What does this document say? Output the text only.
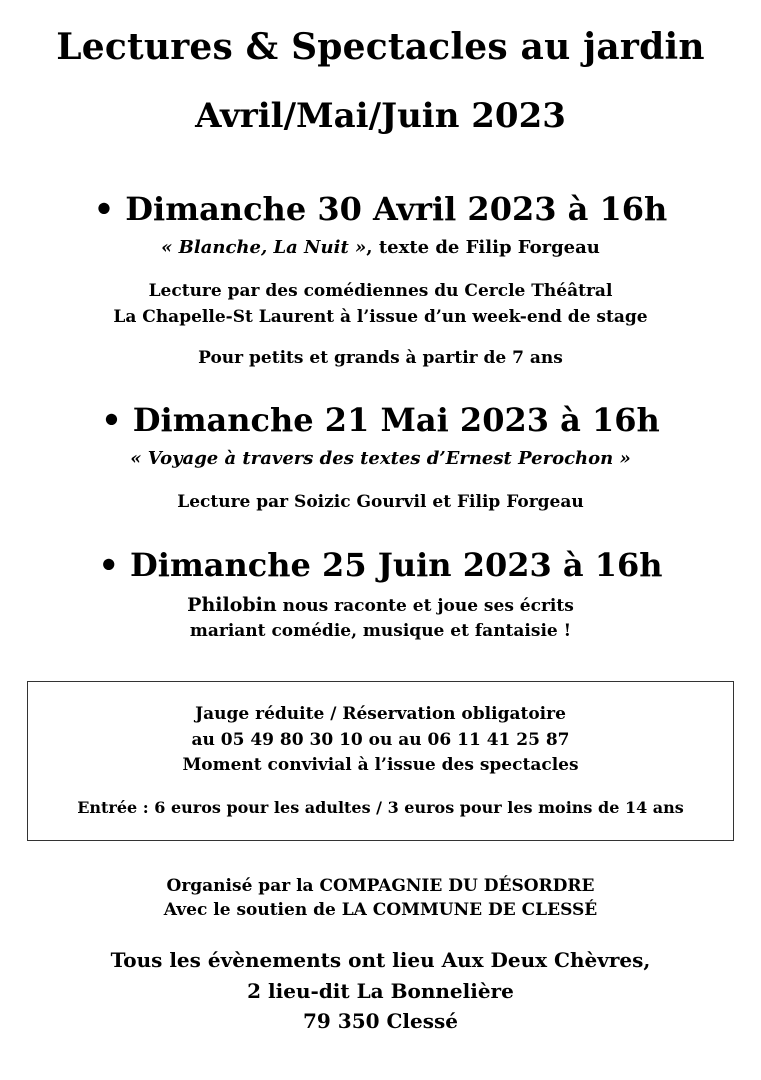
Lectures & Spectacles au jardin
Avril/Mai/Juin 2023
• Dimanche 30 Avril 2023 à 16h
« Blanche, La Nuit », texte de Filip Forgeau
Lecture par des comédiennes du Cercle Théâtral
La Chapelle-St Laurent à l’issue d’un week-end de stage
Pour petits et grands à partir de 7 ans
• Dimanche 21 Mai 2023 à 16h
« Voyage à travers des textes d’Ernest Perochon »
Lecture par Soizic Gourvil et Filip Forgeau
• Dimanche 25 Juin 2023 à 16h
Philobin nous raconte et joue ses écrits
mariant comédie, musique et fantaisie !
Jauge réduite / Réservation obligatoire
au 05 49 80 30 10 ou au 06 11 41 25 87
Moment convivial à l’issue des spectacles
Entrée : 6 euros pour les adultes / 3 euros pour les moins de 14 ans
Organisé par la COMPAGNIE DU DÉSORDRE
Avec le soutien de LA COMMUNE DE CLESSÉ
Tous les évènements ont lieu Aux Deux Chèvres,
2 lieu-dit La Bonnelière
79 350 Clessé
